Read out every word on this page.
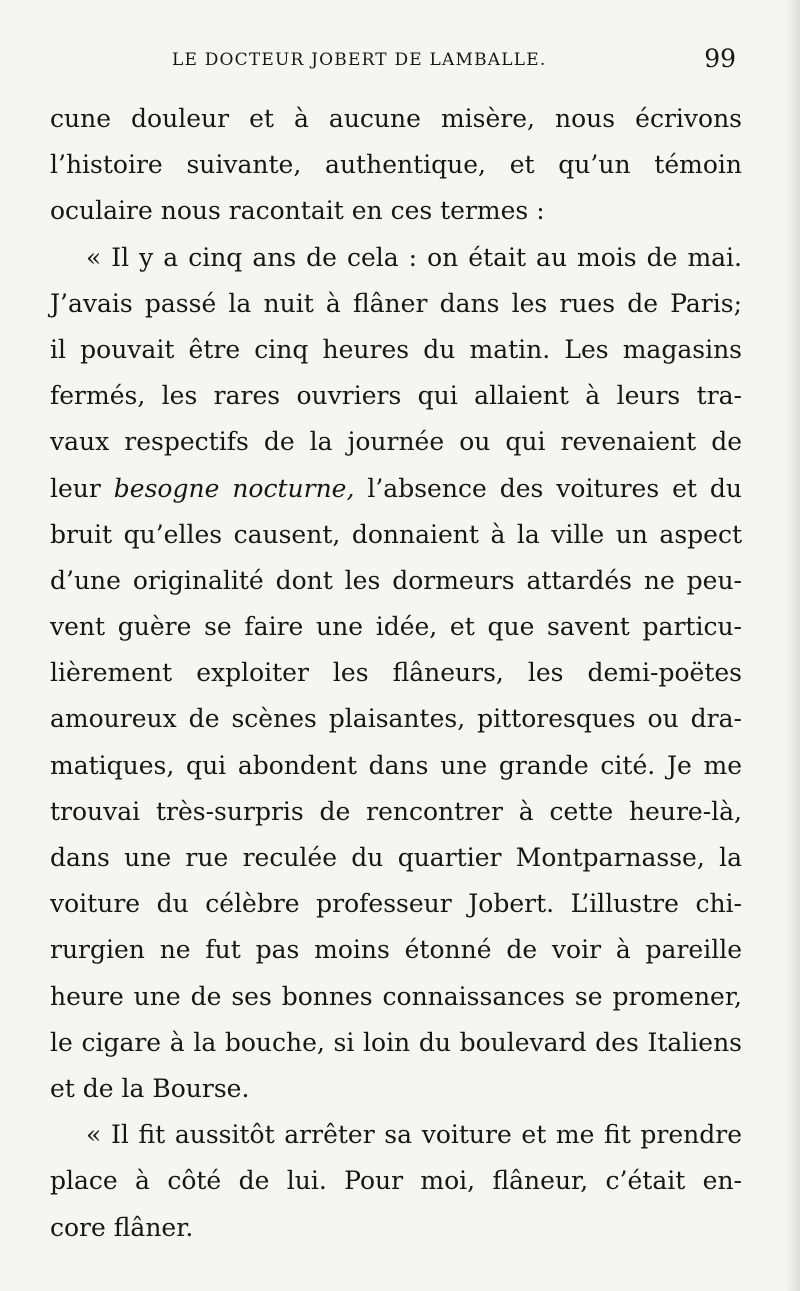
LE DOCTEUR JOBERT DE LAMBALLE.	99
cune douleur et à aucune misère, nous écrivons
l’histoire suivante, authentique, et qu’un témoin
oculaire nous racontait en ces termes :
« Il y a cinq ans de cela : on était au mois de mai.
J’avais passé la nuit à flâner dans les rues de Paris;
il pouvait être cinq heures du matin. Les magasins
fermés, les rares ouvriers qui allaient à leurs tra-
vaux respectifs de la journée ou qui revenaient de
leur besogne nocturne, l’absence des voitures et du
bruit qu’elles causent, donnaient à la ville un aspect
d’une originalité dont les dormeurs attardés ne peu-
vent guère se faire une idée, et que savent particu-
lièrement exploiter les flâneurs, les demi-poëtes
amoureux de scènes plaisantes, pittoresques ou dra-
matiques, qui abondent dans une grande cité. Je me
trouvai très-surpris de rencontrer à cette heure-là,
dans une rue reculée du quartier Montparnasse, la
voiture du célèbre professeur Jobert. L’illustre chi-
rurgien ne fut pas moins étonné de voir à pareille
heure une de ses bonnes connaissances se promener,
le cigare à la bouche, si loin du boulevard des Italiens
et de la Bourse.
« Il fit aussitôt arrêter sa voiture et me fit prendre
place à côté de lui. Pour moi, flâneur, c’était en-
core flâner.
